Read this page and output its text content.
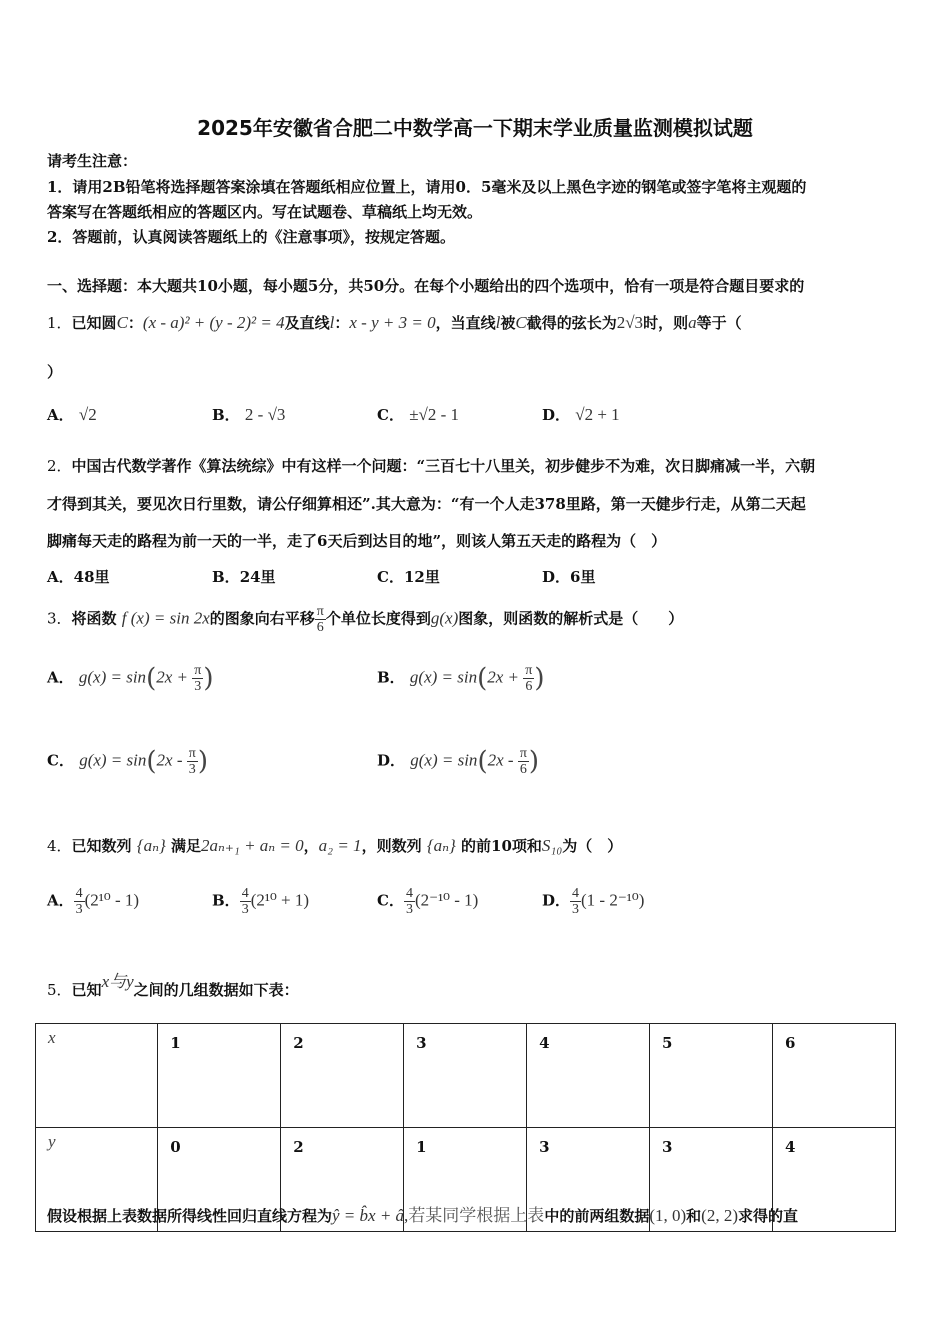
2025年安徽省合肥二中数学高一下期末学业质量监测模拟试题
请考生注意：
1．请用2B铅笔将选择题答案涂填在答题纸相应位置上，请用0．5毫米及以上黑色字迹的钢笔或签字笔将主观题的
答案写在答题纸相应的答题区内。写在试题卷、草稿纸上均无效。
2．答题前，认真阅读答题纸上的《注意事项》，按规定答题。
一、选择题：本大题共10小题，每小题5分，共50分。在每个小题给出的四个选项中，恰有一项是符合题目要求的
1．已知圆C：(x - a)² + (y - 2)² = 4及直线l：x - y + 3 = 0，当直线l被C截得的弦长为2√3时，则a等于（
）
A． √2	B． 2 - √3	C． ±√2 - 1	D． √2 + 1
2．中国古代数学著作《算法统综》中有这样一个问题：“三百七十八里关，初步健步不为难，次日脚痛减一半，六朝
才得到其关，要见次日行里数，请公仔细算相还”.其大意为：“有一个人走378里路，第一天健步行走，从第二天起
脚痛每天走的路程为前一天的一半，走了6天后到达目的地”，则该人第五天走的路程为（　）
A．48里	B．24里	C．12里	D．6里
3．将函数 f (x) = sin 2x的图象向右平移 $\frac{\pi}{6}$ 个单位长度得到g(x)图象，则函数的解析式是（　　）
A． $g(x) = \sin(2x + \frac{\pi}{3}$ )	B． $g(x) = \sin(2x + \frac{\pi}{6}$ )
C． $g(x) = \sin(2x - \frac{\pi}{3}$ )	D． $g(x) = \sin(2x - \frac{\pi}{6}$ )
4．已知数列 {aₙ} 满足2aₙ₊₁ + aₙ = 0，a₂ = 1，则数列 {aₙ} 的前10项和S₁₀为（　）
A． $\frac{4}{3} (2^{10} - 1)$	B． $\frac{4}{3} (2^{10} + 1)$	C． $\frac{4}{3} (2^{-10} - 1)$	D． $\frac{4}{3} (1 - 2^{-10})$
5．已知x与y之间的几组数据如下表：
x	1	2	3	4	5	6
y	0	2	1	3	3	4
假设根据上表数据所得线性回归直线方程为ŷ = b̂x + â,若某同学根据上表中的前两组数据(1, 0)和(2, 2)求得的直
